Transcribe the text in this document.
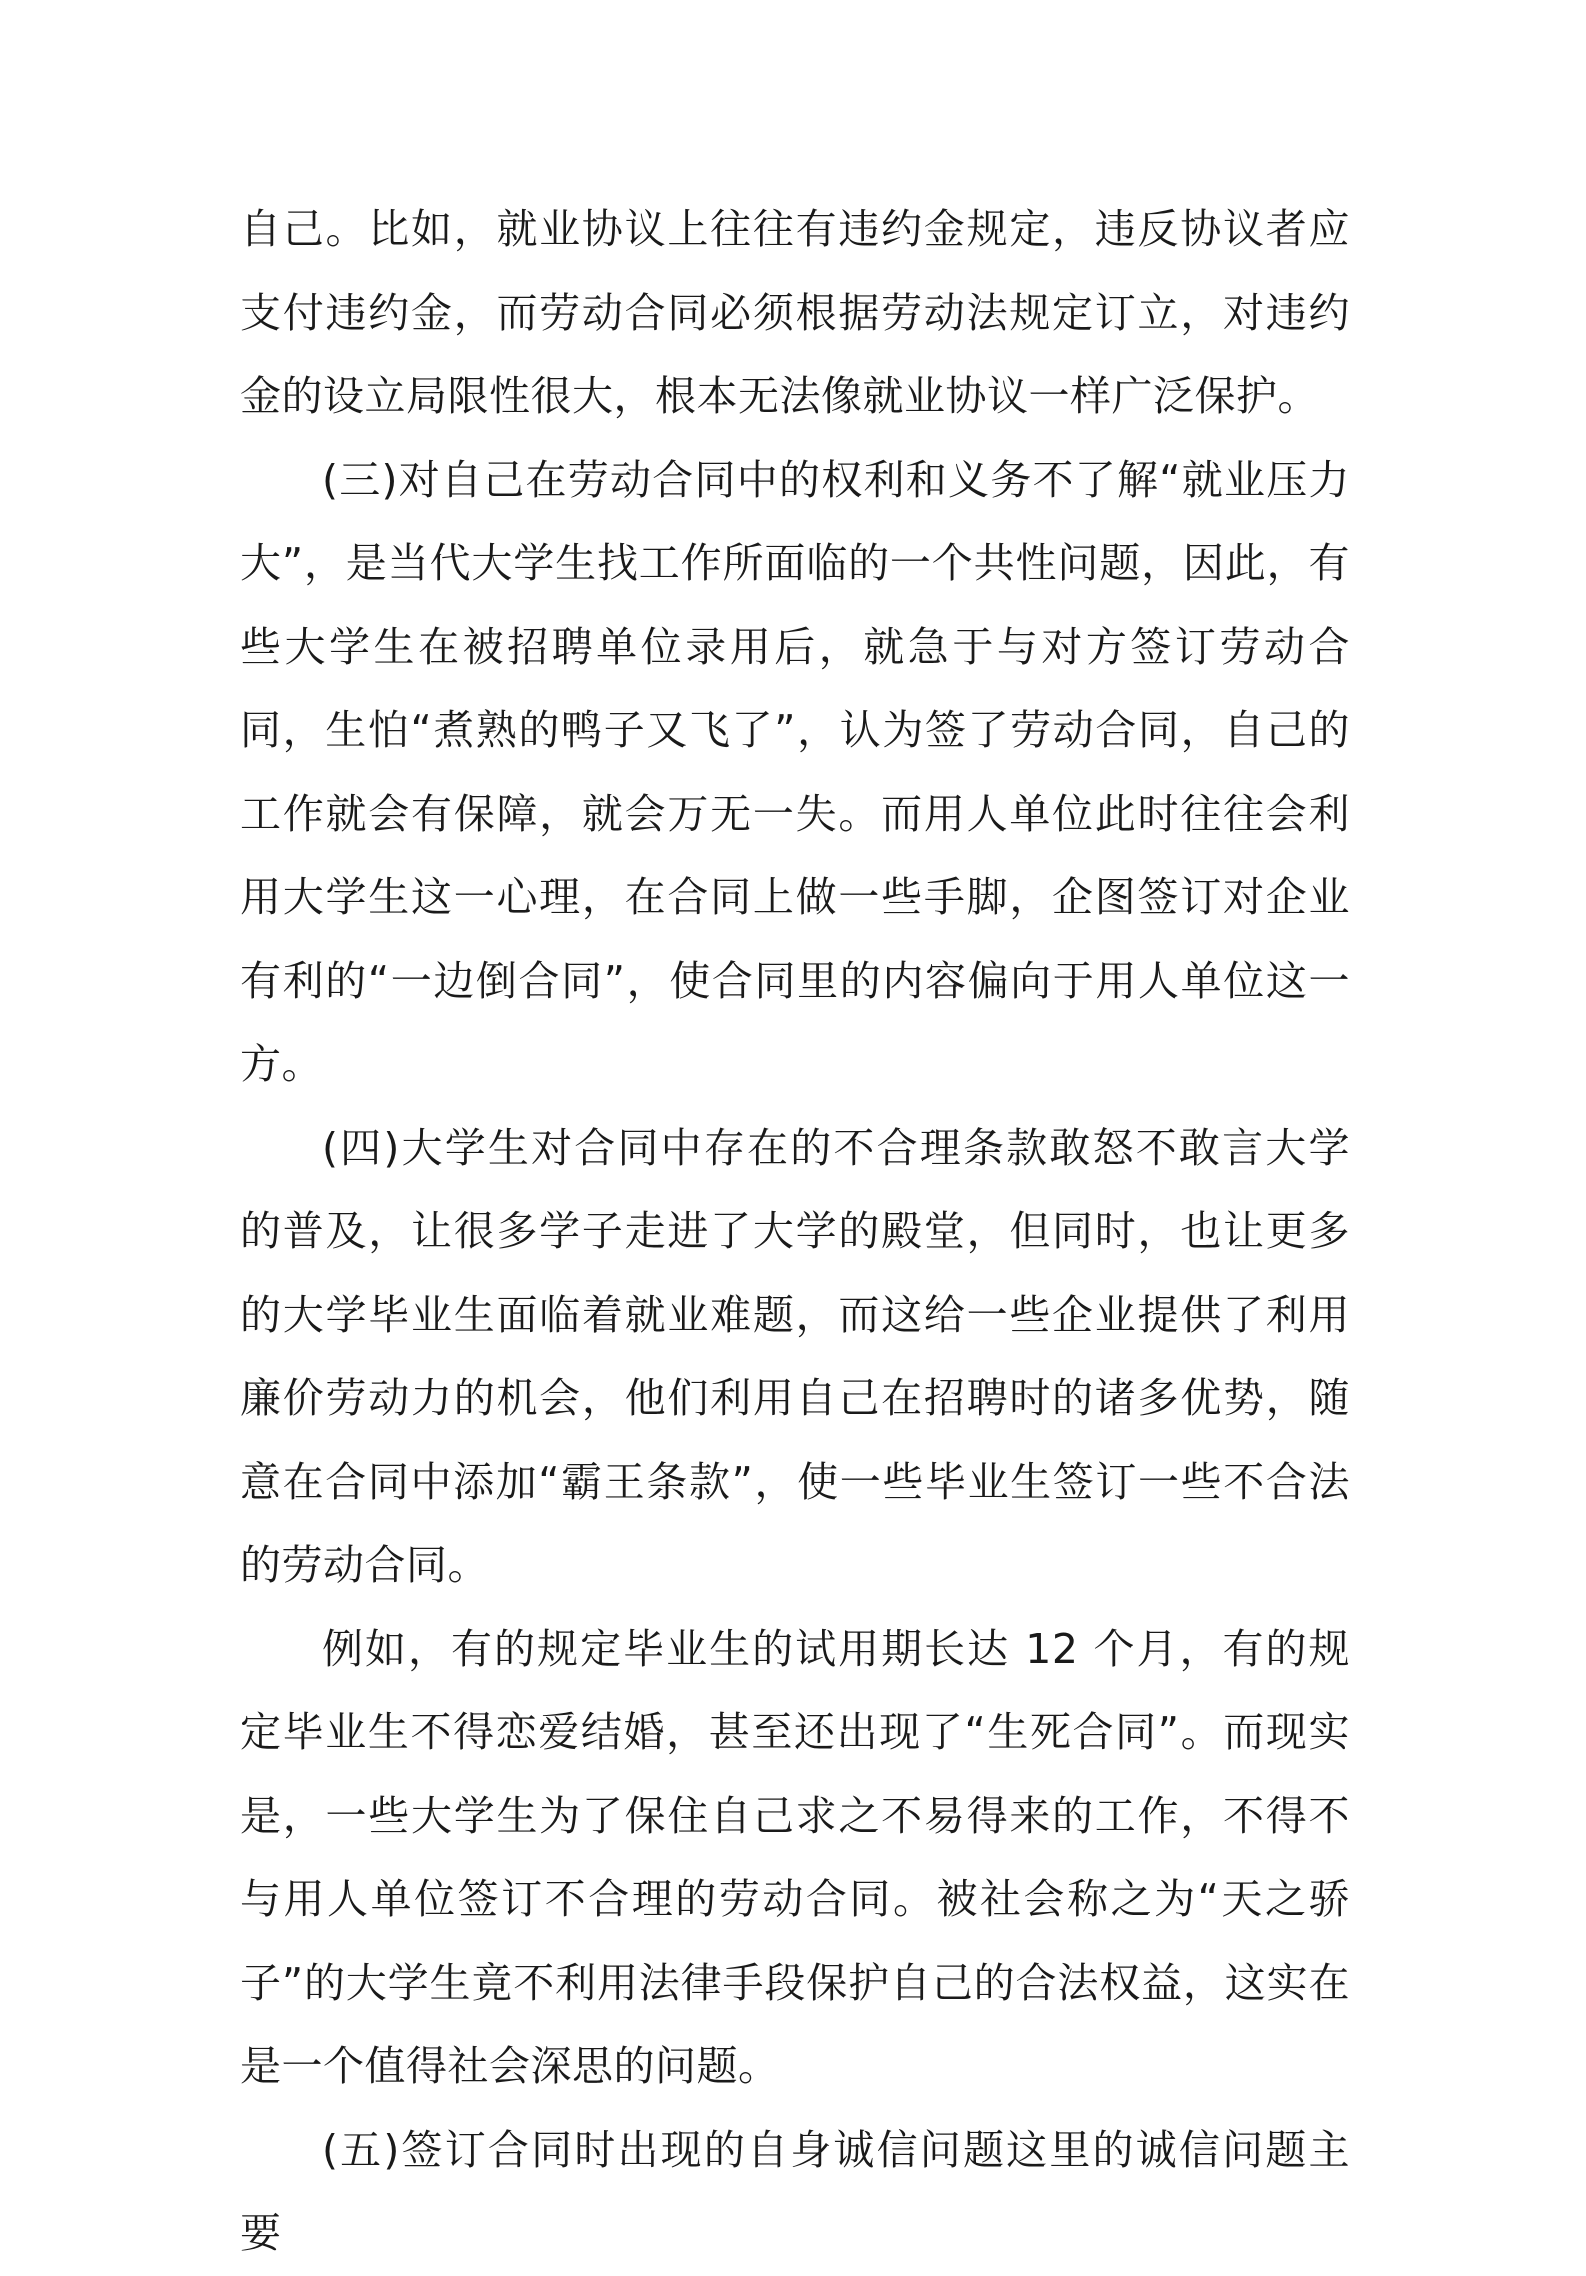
自己。比如，就业协议上往往有违约金规定，违反协议者应支付违约金，而劳动合同必须根据劳动法规定订立，对违约金的设立局限性很大，根本无法像就业协议一样广泛保护。

(三)对自己在劳动合同中的权利和义务不了解“就业压力大”，是当代大学生找工作所面临的一个共性问题，因此，有些大学生在被招聘单位录用后，就急于与对方签订劳动合同，生怕“煮熟的鸭子又飞了”，认为签了劳动合同，自己的工作就会有保障，就会万无一失。而用人单位此时往往会利用大学生这一心理，在合同上做一些手脚，企图签订对企业有利的“一边倒合同”，使合同里的内容偏向于用人单位这一方。

(四)大学生对合同中存在的不合理条款敢怒不敢言大学的普及，让很多学子走进了大学的殿堂，但同时，也让更多的大学毕业生面临着就业难题，而这给一些企业提供了利用廉价劳动力的机会，他们利用自己在招聘时的诸多优势，随意在合同中添加“霸王条款”，使一些毕业生签订一些不合法的劳动合同。

例如，有的规定毕业生的试用期长达 12 个月，有的规定毕业生不得恋爱结婚，甚至还出现了“生死合同”。而现实是，一些大学生为了保住自己求之不易得来的工作，不得不与用人单位签订不合理的劳动合同。被社会称之为“天之骄子”的大学生竟不利用法律手段保护自己的合法权益，这实在是一个值得社会深思的问题。

(五)签订合同时出现的自身诚信问题这里的诚信问题主要
